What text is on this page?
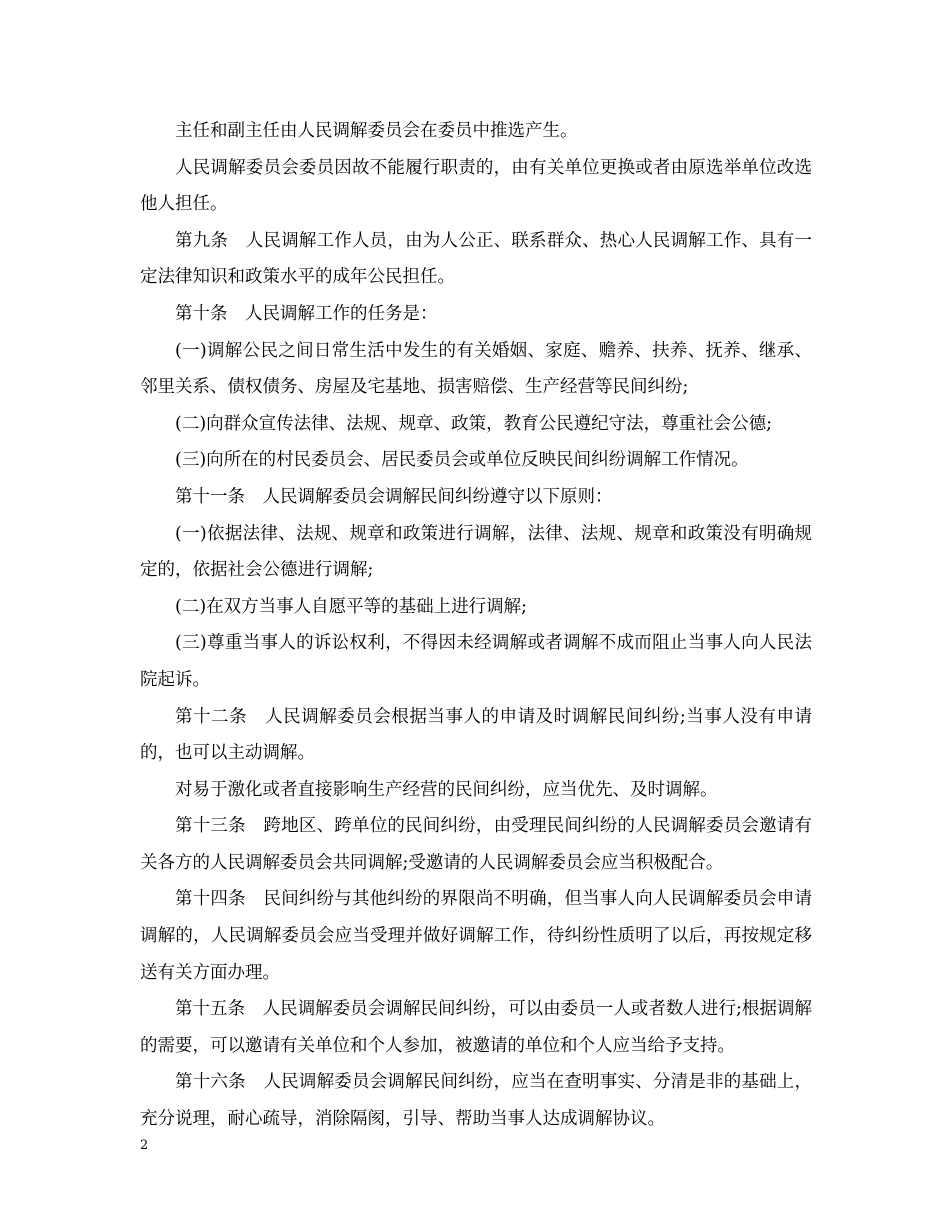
主任和副主任由人民调解委员会在委员中推选产生。

人民调解委员会委员因故不能履行职责的，由有关单位更换或者由原选举单位改选他人担任。

第九条　人民调解工作人员，由为人公正、联系群众、热心人民调解工作、具有一定法律知识和政策水平的成年公民担任。

第十条　人民调解工作的任务是：

(一)调解公民之间日常生活中发生的有关婚姻、家庭、赡养、扶养、抚养、继承、邻里关系、债权债务、房屋及宅基地、损害赔偿、生产经营等民间纠纷;

(二)向群众宣传法律、法规、规章、政策，教育公民遵纪守法，尊重社会公德;

(三)向所在的村民委员会、居民委员会或单位反映民间纠纷调解工作情况。

第十一条　人民调解委员会调解民间纠纷遵守以下原则：

(一)依据法律、法规、规章和政策进行调解，法律、法规、规章和政策没有明确规定的，依据社会公德进行调解;

(二)在双方当事人自愿平等的基础上进行调解;

(三)尊重当事人的诉讼权利，不得因未经调解或者调解不成而阻止当事人向人民法院起诉。

第十二条　人民调解委员会根据当事人的申请及时调解民间纠纷;当事人没有申请的，也可以主动调解。

对易于激化或者直接影响生产经营的民间纠纷，应当优先、及时调解。

第十三条　跨地区、跨单位的民间纠纷，由受理民间纠纷的人民调解委员会邀请有关各方的人民调解委员会共同调解;受邀请的人民调解委员会应当积极配合。

第十四条　民间纠纷与其他纠纷的界限尚不明确，但当事人向人民调解委员会申请调解的，人民调解委员会应当受理并做好调解工作，待纠纷性质明了以后，再按规定移送有关方面办理。

第十五条　人民调解委员会调解民间纠纷，可以由委员一人或者数人进行;根据调解的需要，可以邀请有关单位和个人参加，被邀请的单位和个人应当给予支持。

第十六条　人民调解委员会调解民间纠纷，应当在查明事实、分清是非的基础上，充分说理，耐心疏导，消除隔阂，引导、帮助当事人达成调解协议。

2
